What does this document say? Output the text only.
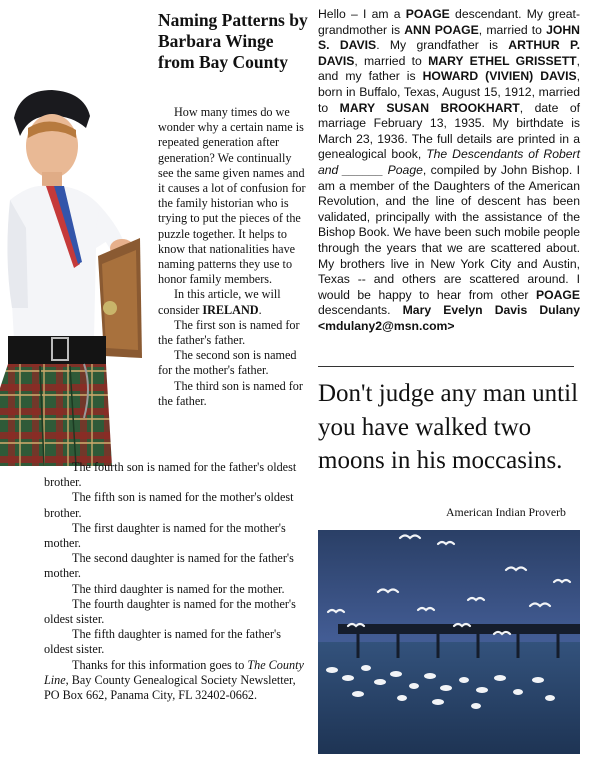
Naming Patterns by Barbara Winge from Bay County

How many times do we wonder why a certain name is repeated generation after generation? We continually see the same given names and it causes a lot of confusion for the family historian who is trying to put the pieces of the puzzle together. It helps to know that nationalities have naming patterns they use to honor family members.

In this article, we will consider IRELAND.

The first son is named for the father's father.

The second son is named for the mother's father.

The third son is named for the father.

The fourth son is named for the father's oldest brother.

The fifth son is named for the mother's oldest brother.

The first daughter is named for the mother's mother.

The second daughter is named for the father's mother.

The third daughter is named for the mother.

The fourth daughter is named for the mother's oldest sister.

The fifth daughter is named for the father's oldest sister.

Thanks for this information goes to The County Line, Bay County Genealogical Society Newsletter, PO Box 662, Panama City, FL 32402-0662.

Hello – I am a POAGE descendant. My great-grandmother is ANN POAGE, married to JOHN S. DAVIS. My grandfather is ARTHUR P. DAVIS, married to MARY ETHEL GRISSETT, and my father is HOWARD (VIVIEN) DAVIS, born in Buffalo, Texas, August 15, 1912, married to MARY SUSAN BROOKHART, date of marriage February 13, 1935. My birthdate is March 23, 1936. The full details are printed in a genealogical book, The Descendants of Robert and ______ Poage, compiled by John Bishop. I am a member of the Daughters of the American Revolution, and the line of descent has been validated, principally with the assistance of the Bishop Book. We have been such mobile people through the years that we are scattered about. My brothers live in New York City and Austin, Texas -- and others are scattered around. I would be happy to hear from other POAGE descendants. Mary Evelyn Davis Dulany <mdulany2@msn.com>

Don't judge any man until you have walked two moons in his moccasins.

American Indian Proverb
